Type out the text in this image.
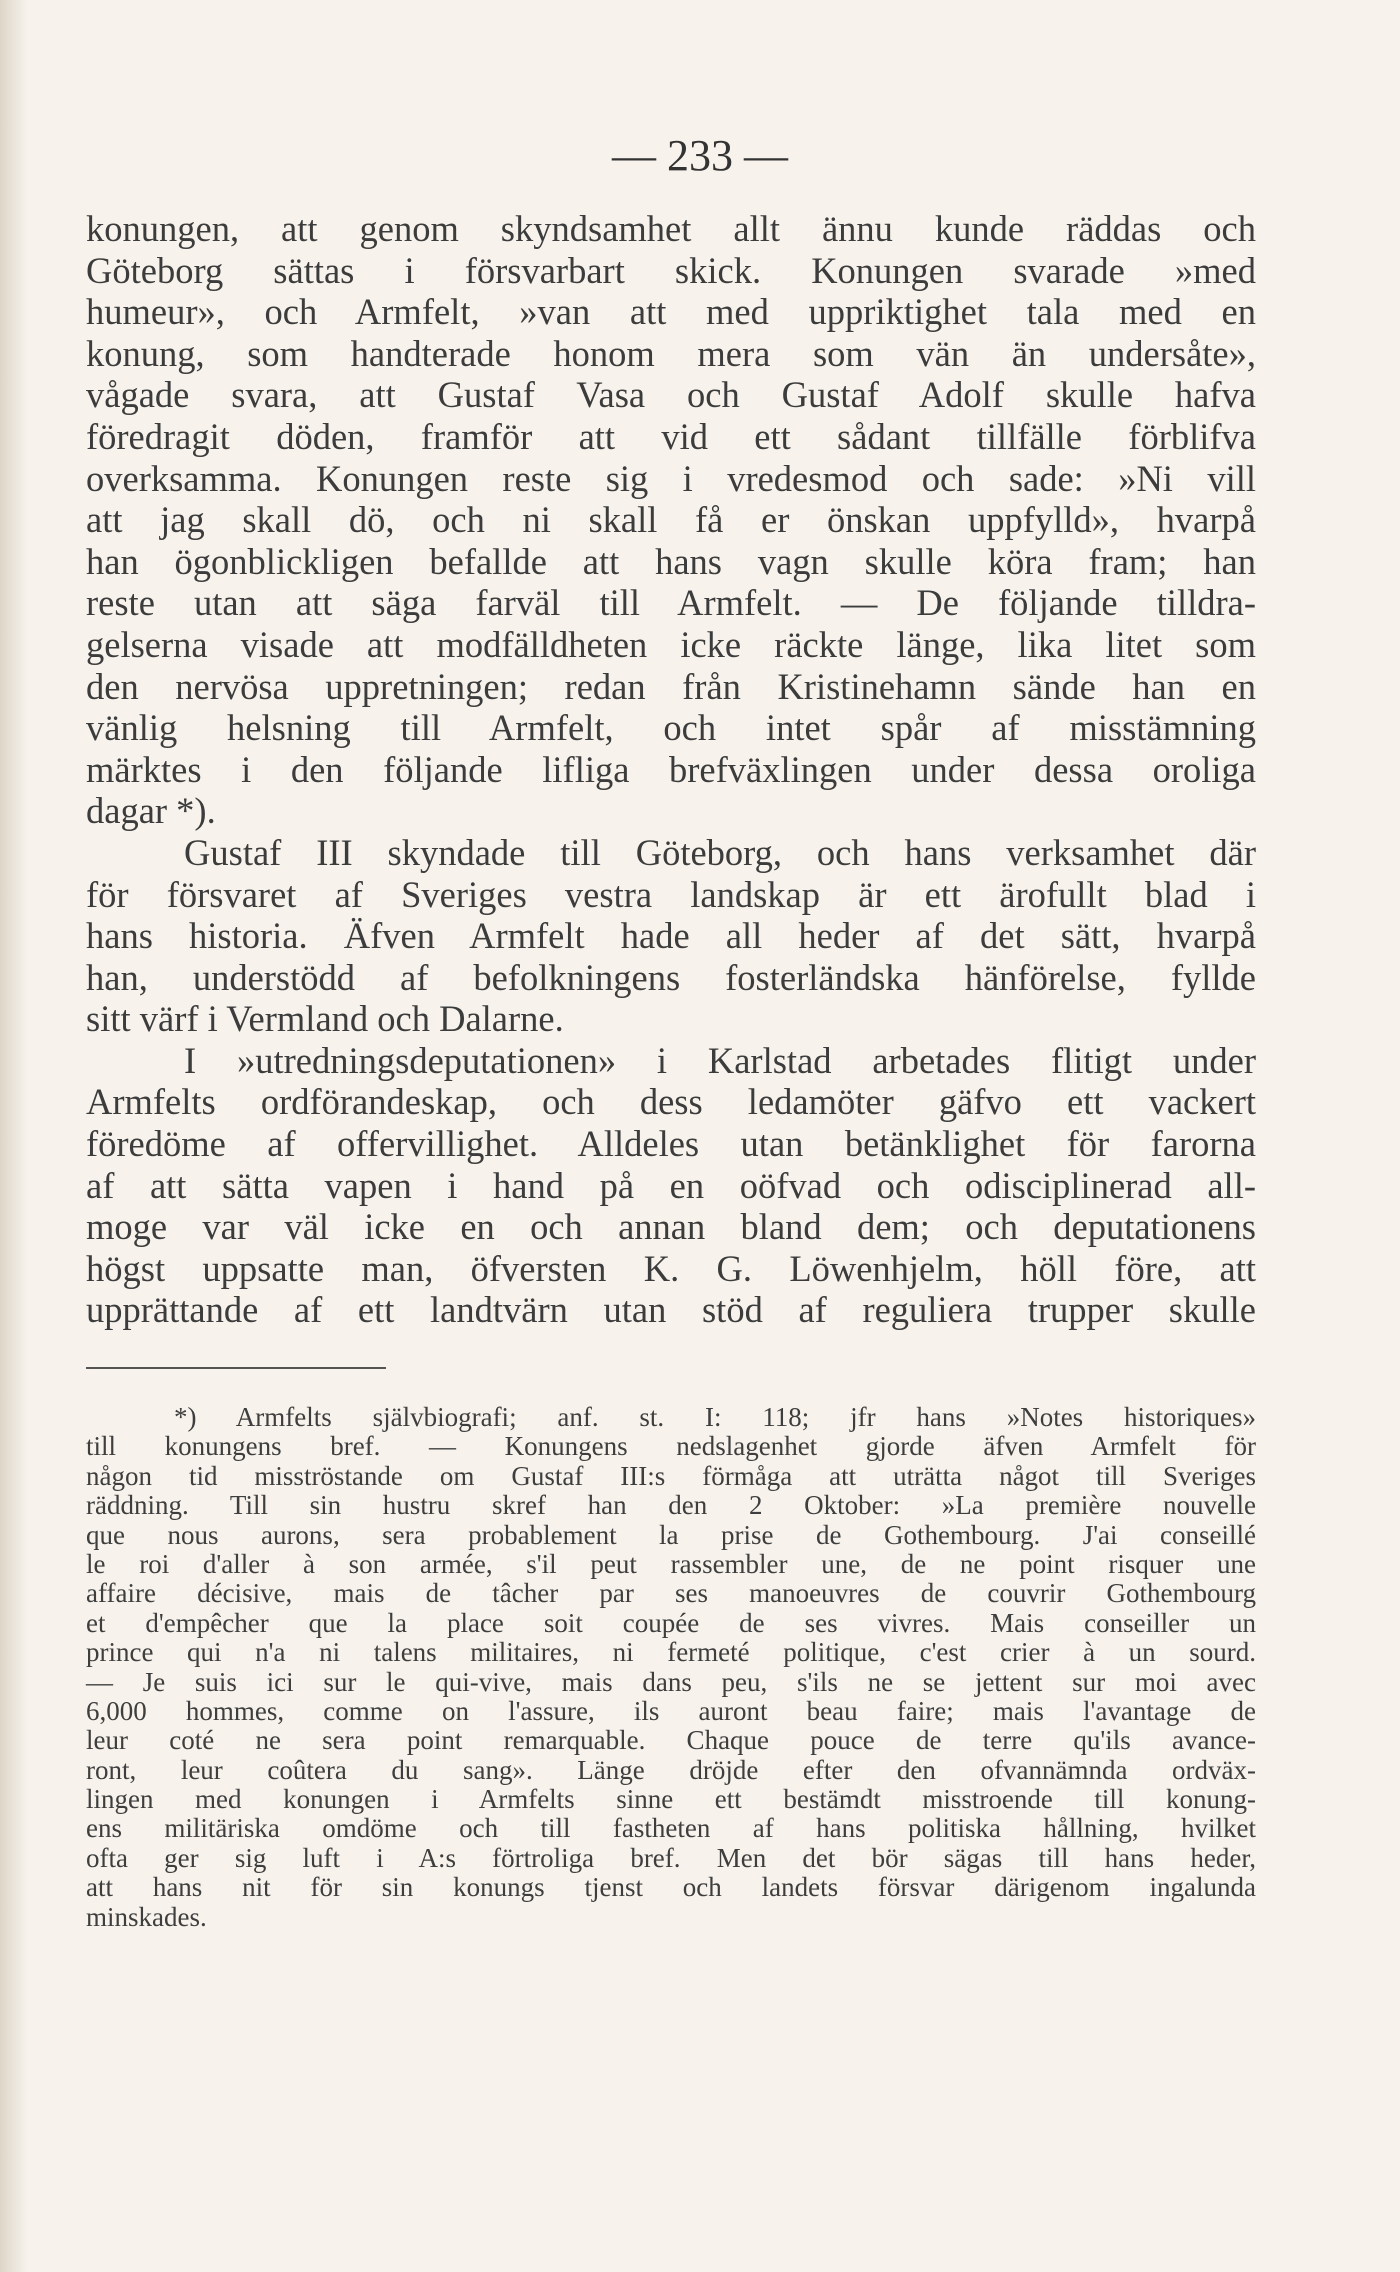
— 233 —
konungen, att genom skyndsamhet allt ännu kunde räddas och
Göteborg sättas i försvarbart skick. Konungen svarade »med
humeur», och Armfelt, »van att med uppriktighet tala med en
konung, som handterade honom mera som vän än undersåte»,
vågade svara, att Gustaf Vasa och Gustaf Adolf skulle hafva
föredragit döden, framför att vid ett sådant tillfälle förblifva
overksamma. Konungen reste sig i vredesmod och sade: »Ni vill
att jag skall dö, och ni skall få er önskan uppfylld», hvarpå
han ögonblickligen befallde att hans vagn skulle köra fram; han
reste utan att säga farväl till Armfelt. — De följande tilldra-
gelserna visade att modfälldheten icke räckte länge, lika litet som
den nervösa uppretningen; redan från Kristinehamn sände han en
vänlig helsning till Armfelt, och intet spår af misstämning
märktes i den följande lifliga brefväxlingen under dessa oroliga
dagar *).
Gustaf III skyndade till Göteborg, och hans verksamhet där
för försvaret af Sveriges vestra landskap är ett ärofullt blad i
hans historia. Äfven Armfelt hade all heder af det sätt, hvarpå
han, understödd af befolkningens fosterländska hänförelse, fyllde
sitt värf i Vermland och Dalarne.
I »utredningsdeputationen» i Karlstad arbetades flitigt under
Armfelts ordförandeskap, och dess ledamöter gäfvo ett vackert
föredöme af offervillighet. Alldeles utan betänklighet för farorna
af att sätta vapen i hand på en oöfvad och odisciplinerad all-
moge var väl icke en och annan bland dem; och deputationens
högst uppsatte man, öfversten K. G. Löwenhjelm, höll före, att
upprättande af ett landtvärn utan stöd af reguliera trupper skulle
*) Armfelts självbiografi; anf. st. I: 118; jfr hans »Notes historiques»
till konungens bref. — Konungens nedslagenhet gjorde äfven Armfelt för
någon tid misströstande om Gustaf III:s förmåga att uträtta något till Sveriges
räddning. Till sin hustru skref han den 2 Oktober: »La première nouvelle
que nous aurons, sera probablement la prise de Gothembourg. J'ai conseillé
le roi d'aller à son armée, s'il peut rassembler une, de ne point risquer une
affaire décisive, mais de tâcher par ses manoeuvres de couvrir Gothembourg
et d'empêcher que la place soit coupée de ses vivres. Mais conseiller un
prince qui n'a ni talens militaires, ni fermeté politique, c'est crier à un sourd.
— Je suis ici sur le qui-vive, mais dans peu, s'ils ne se jettent sur moi avec
6,000 hommes, comme on l'assure, ils auront beau faire; mais l'avantage de
leur coté ne sera point remarquable. Chaque pouce de terre qu'ils avance-
ront, leur coûtera du sang». Länge dröjde efter den ofvannämnda ordväx-
lingen med konungen i Armfelts sinne ett bestämdt misstroende till konung-
ens militäriska omdöme och till fastheten af hans politiska hållning, hvilket
ofta ger sig luft i A:s förtroliga bref. Men det bör sägas till hans heder,
att hans nit för sin konungs tjenst och landets försvar därigenom ingalunda
minskades.
